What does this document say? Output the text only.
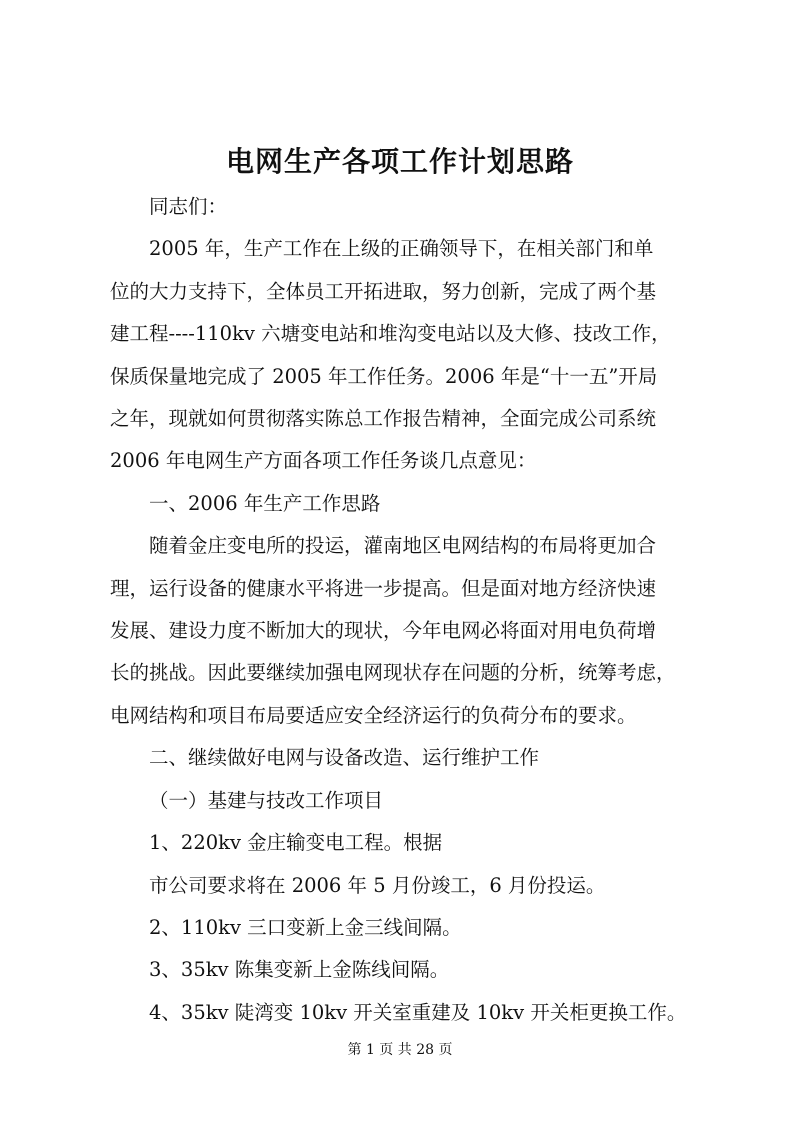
电网生产各项工作计划思路
同志们：
2005 年，生产工作在上级的正确领导下，在相关部门和单
位的大力支持下，全体员工开拓进取，努力创新，完成了两个基
建工程----110kv 六塘变电站和堆沟变电站以及大修、技改工作，
保质保量地完成了 2005 年工作任务。2006 年是“十一五”开局
之年，现就如何贯彻落实陈总工作报告精神，全面完成公司系统
2006 年电网生产方面各项工作任务谈几点意见：
一、2006 年生产工作思路
随着金庄变电所的投运，灌南地区电网结构的布局将更加合
理，运行设备的健康水平将进一步提高。但是面对地方经济快速
发展、建设力度不断加大的现状，今年电网必将面对用电负荷增
长的挑战。因此要继续加强电网现状存在问题的分析，统筹考虑，
电网结构和项目布局要适应安全经济运行的负荷分布的要求。
二、继续做好电网与设备改造、运行维护工作
（一）基建与技改工作项目
1、220kv 金庄输变电工程。根据
市公司要求将在 2006 年 5 月份竣工，6 月份投运。
2、110kv 三口变新上金三线间隔。
3、35kv 陈集变新上金陈线间隔。
4、35kv 陡湾变 10kv 开关室重建及 10kv 开关柜更换工作。
第 1 页 共 28 页
